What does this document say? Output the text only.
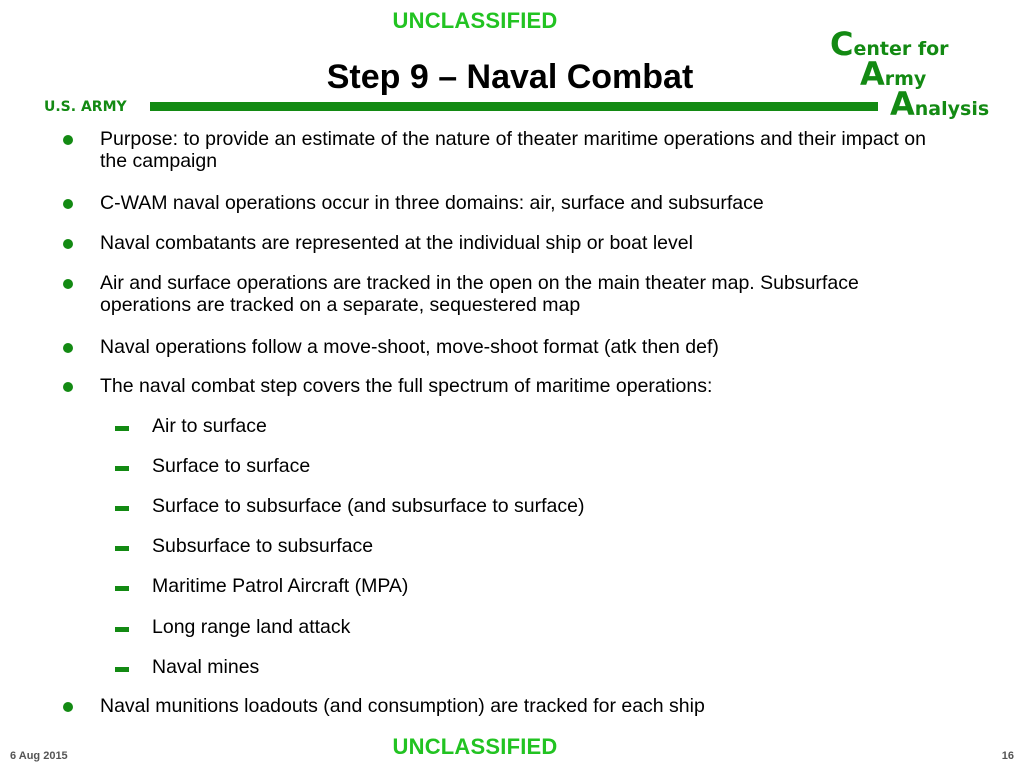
UNCLASSIFIED
Step 9 – Naval Combat
U.S. ARMY
Center for
Army
Analysis
Purpose: to provide an estimate of the nature of theater maritime operations and their impact on the campaign
C-WAM naval operations occur in three domains: air, surface and subsurface
Naval combatants are represented at the individual ship or boat level
Air and surface operations are tracked in the open on the main theater map. Subsurface operations are tracked on a separate, sequestered map
Naval operations follow a move-shoot, move-shoot format (atk then def)
The naval combat step covers the full spectrum of maritime operations:
Air to surface
Surface to surface
Surface to subsurface (and subsurface to surface)
Subsurface to subsurface
Maritime Patrol Aircraft (MPA)
Long range land attack
Naval mines
Naval munitions loadouts (and consumption) are tracked for each ship
6 Aug 2015	UNCLASSIFIED	16
